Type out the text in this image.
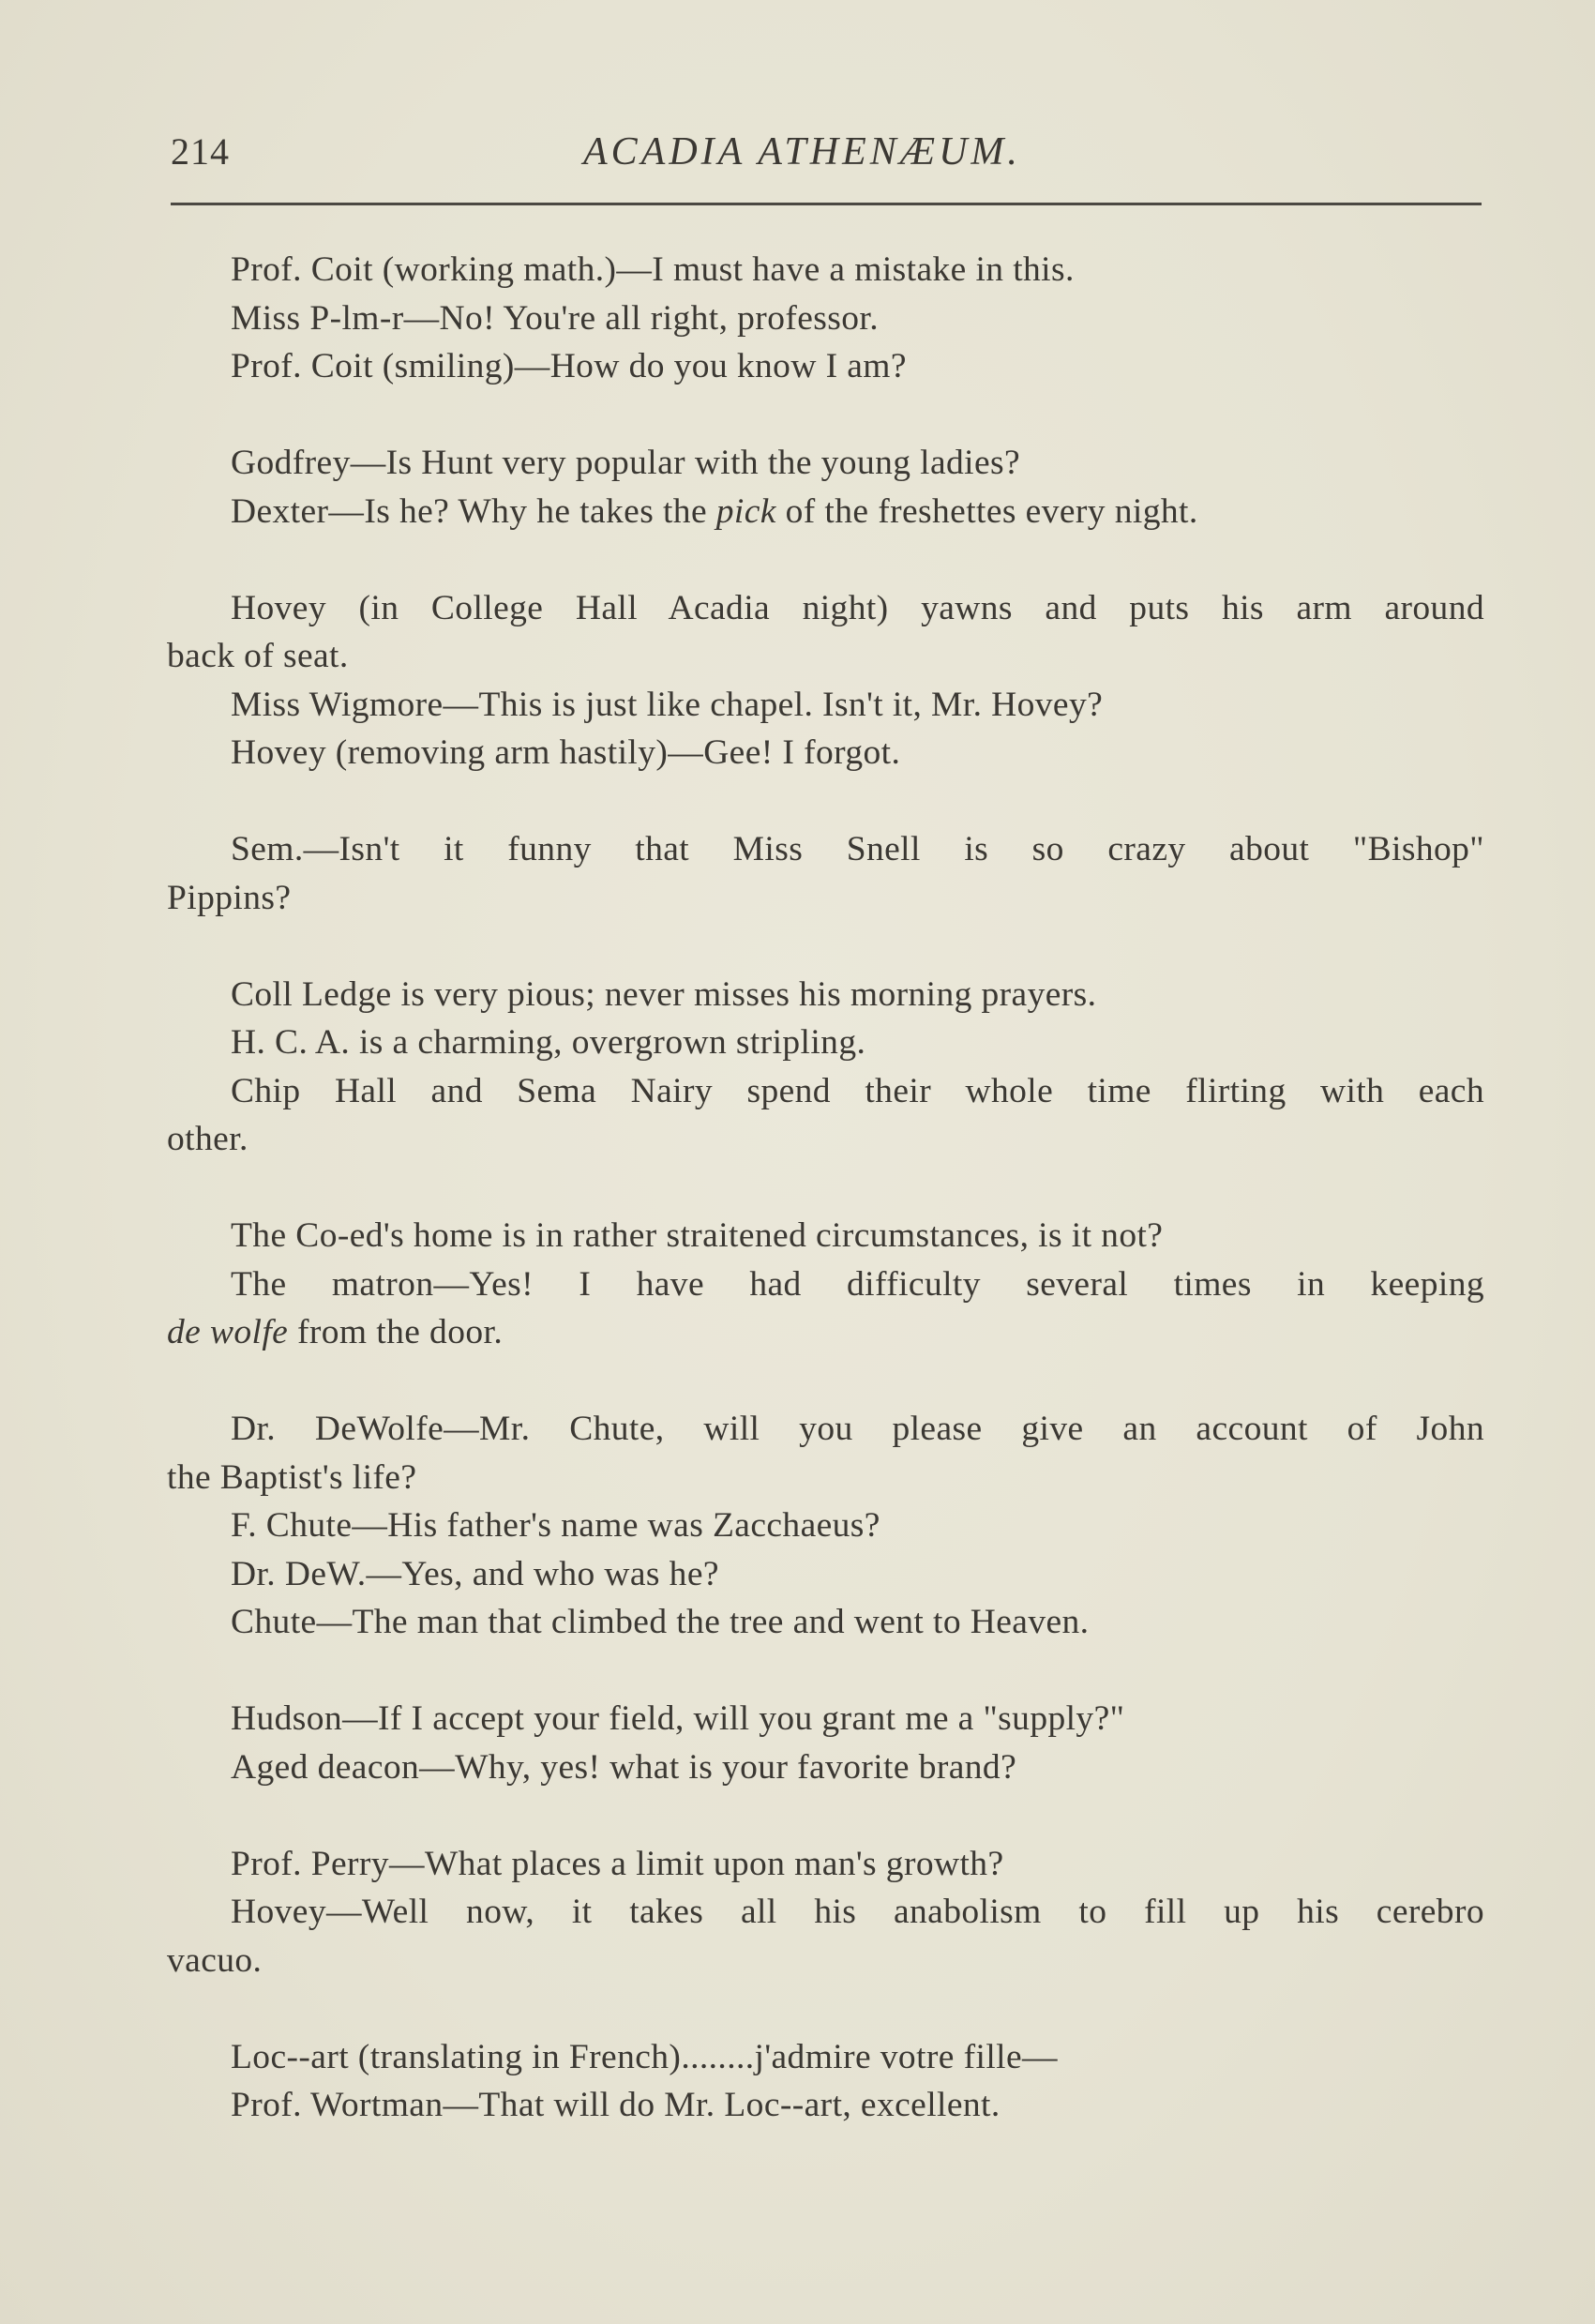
214	ACADIA ATHENÆUM.
Prof. Coit (working math.)—I must have a mistake in this.
Miss P-lm-r—No! You're all right, professor.
Prof. Coit (smiling)—How do you know I am?
Godfrey—Is Hunt very popular with the young ladies?
Dexter—Is he? Why he takes the pick of the freshettes every night.
Hovey (in College Hall Acadia night) yawns and puts his arm around
back of seat.
Miss Wigmore—This is just like chapel. Isn't it, Mr. Hovey?
Hovey (removing arm hastily)—Gee! I forgot.
Sem.—Isn't it funny that Miss Snell is so crazy about "Bishop"
Pippins?
Coll Ledge is very pious; never misses his morning prayers.
H. C. A. is a charming, overgrown stripling.
Chip Hall and Sema Nairy spend their whole time flirting with each
other.
The Co-ed's home is in rather straitened circumstances, is it not?
The matron—Yes! I have had difficulty several times in keeping
de wolfe from the door.
Dr. DeWolfe—Mr. Chute, will you please give an account of John
the Baptist's life?
F. Chute—His father's name was Zacchaeus?
Dr. DeW.—Yes, and who was he?
Chute—The man that climbed the tree and went to Heaven.
Hudson—If I accept your field, will you grant me a "supply?"
Aged deacon—Why, yes! what is your favorite brand?
Prof. Perry—What places a limit upon man's growth?
Hovey—Well now, it takes all his anabolism to fill up his cerebro
vacuo.
Loc--art (translating in French)........j'admire votre fille—
Prof. Wortman—That will do Mr. Loc--art, excellent.
